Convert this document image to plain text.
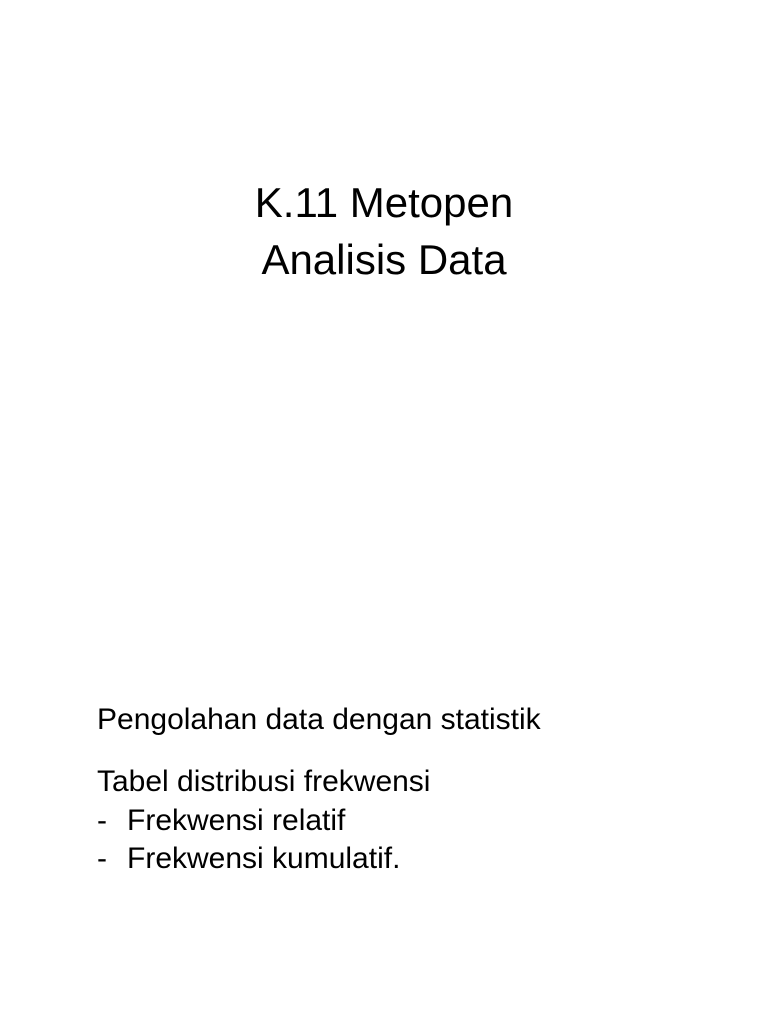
K.11 Metopen
Analisis Data
Pengolahan data dengan statistik
Tabel distribusi frekwensi
- Frekwensi relatif
- Frekwensi kumulatif.
